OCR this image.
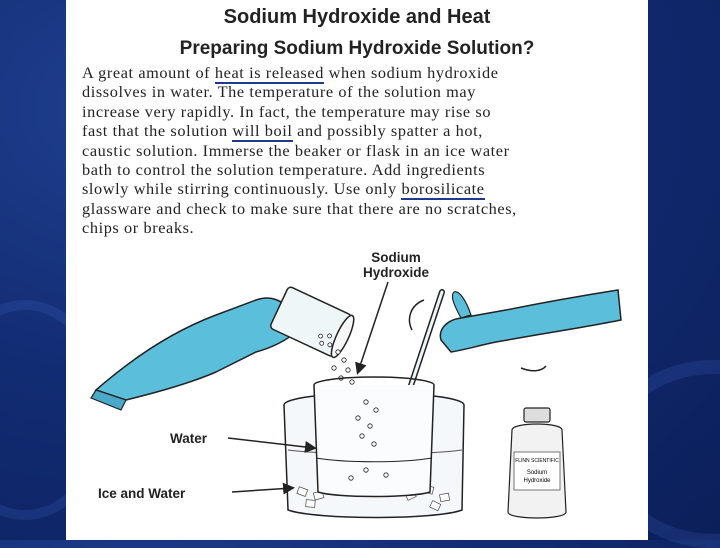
Sodium Hydroxide and Heat
Preparing Sodium Hydroxide Solution?
A great amount of heat is released when sodium hydroxide
dissolves in water. The temperature of the solution may
increase very rapidly. In fact, the temperature may rise so
fast that the solution will boil and possibly spatter a hot,
caustic solution. Immerse the beaker or flask in an ice water
bath to control the solution temperature. Add ingredients
slowly while stirring continuously. Use only borosilicate
glassware and check to make sure that there are no scratches,
chips or breaks.
FLINN SCIENTIFIC
Sodium
Hydroxide
Sodium
Hydroxide
Water
Ice and Water
